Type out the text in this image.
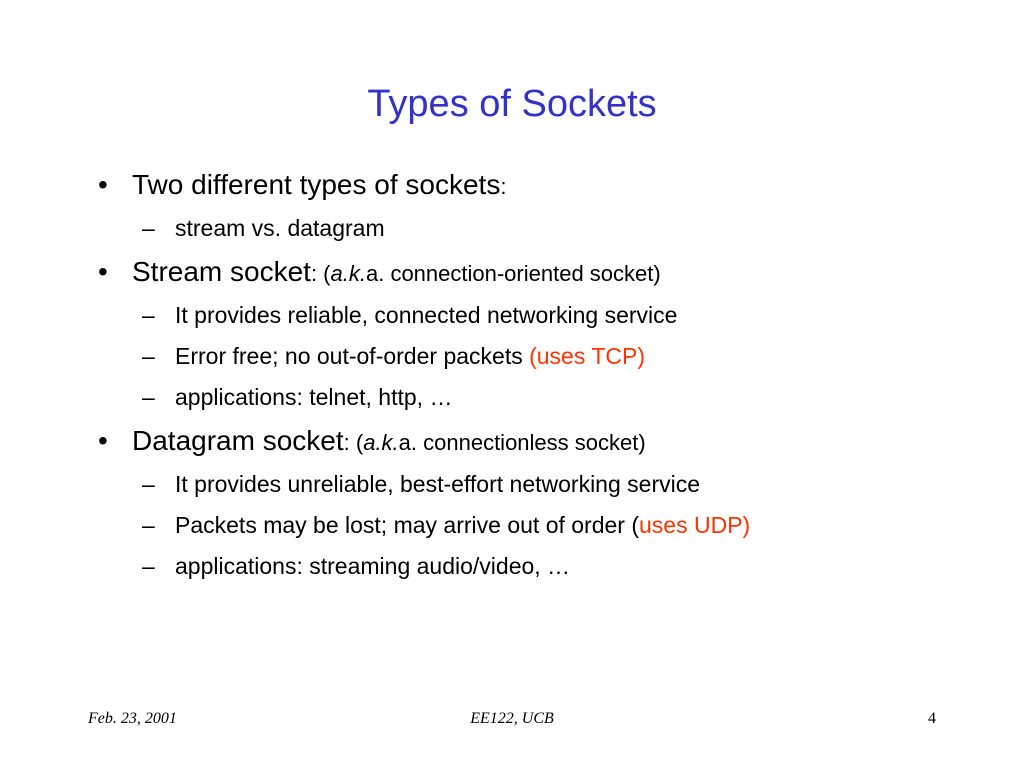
Types of Sockets
• Two different types of sockets:
– stream vs. datagram
• Stream socket: (a.k.a. connection-oriented socket)
– It provides reliable, connected networking service
– Error free; no out-of-order packets (uses TCP)
– applications: telnet, http, …
• Datagram socket: (a.k.a. connectionless socket)
– It provides unreliable, best-effort networking service
– Packets may be lost; may arrive out of order (uses UDP)
– applications: streaming audio/video, …
Feb. 23, 2001	EE122, UCB	4
